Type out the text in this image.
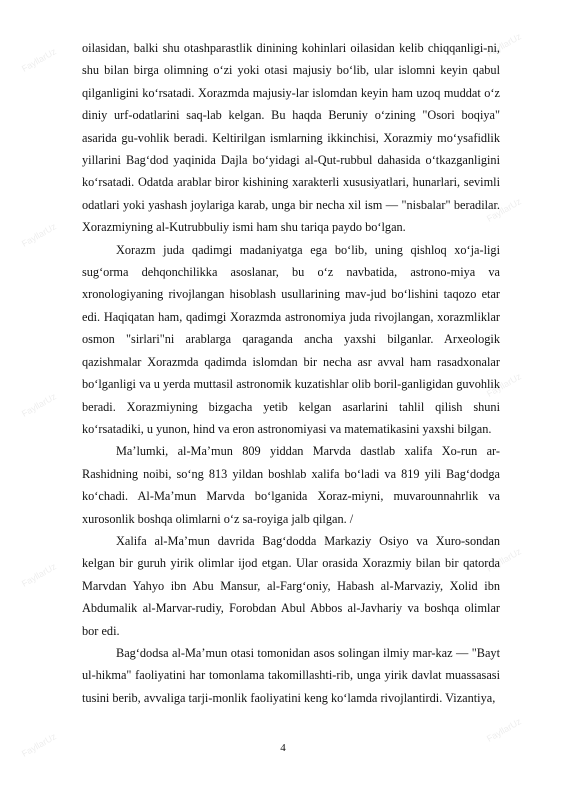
FayllarUz
FayllarUz
FayllarUz
FayllarUz
FayllarUz
FayllarUz
FayllarUz
FayllarUz
FayllarUz
FayllarUz

oilasidan, balki shu otashparastlik dinining kohinlari oilasidan kelib chiqqanligi-ni, shu bilan birga olimning o‘zi yoki otasi majusiy bo‘lib, ular islomni keyin qabul qilganligini ko‘rsatadi. Xorazmda majusiy-lar islomdan keyin ham uzoq muddat o‘z diniy urf-odatlarini saq-lab kelgan. Bu haqda Beruniy o‘zining "Osori boqiya" asarida gu-vohlik beradi. Keltirilgan ismlarning ikkinchisi, Xorazmiy mo‘ysafidlik yillarini Bag‘dod yaqinida Dajla bo‘yidagi al-Qut-rubbul dahasida o‘tkazganligini ko‘rsatadi. Odatda arablar biror kishining xarakterli xususiyatlari, hunarlari, sevimli odatlari yoki yashash joylariga karab, unga bir necha xil ism — "nisbalar" beradilar. Xorazmiyning al-Kutrubbuliy ismi ham shu tariqa paydo bo‘lgan.

Xorazm juda qadimgi madaniyatga ega bo‘lib, uning qishloq xo‘ja-ligi sug‘orma dehqonchilikka asoslanar, bu o‘z navbatida, astrono-miya va xronologiyaning rivojlangan hisoblash usullarining mav-jud bo‘lishini taqozo etar edi. Haqiqatan ham, qadimgi Xorazmda astronomiya juda rivojlangan, xorazmliklar osmon "sirlari"ni arablarga qaraganda ancha yaxshi bilganlar. Arxeologik qazishmalar Xorazmda qadimda islomdan bir necha asr avval ham rasadxonalar bo‘lganligi va u yerda muttasil astronomik kuzatishlar olib boril-ganligidan guvohlik beradi. Xorazmiyning bizgacha yetib kelgan asarlarini tahlil qilish shuni ko‘rsatadiki, u yunon, hind va eron astronomiyasi va matematikasini yaxshi bilgan.

Ma’lumki, al-Ma’mun 809 yiddan Marvda dastlab xalifa Xo-run ar-Rashidning noibi, so‘ng 813 yildan boshlab xalifa bo‘ladi va 819 yili Bag‘dodga ko‘chadi. Al-Ma’mun Marvda bo‘lganida Xoraz-miyni, muvarounnahrlik va xurosonlik boshqa olimlarni o‘z sa-royiga jalb qilgan. /

Xalifa al-Ma’mun davrida Bag‘dodda Markaziy Osiyo va Xuro-sondan kelgan bir guruh yirik olimlar ijod etgan. Ular orasida Xorazmiy bilan bir qatorda Marvdan Yahyo ibn Abu Mansur, al-Farg‘oniy, Habash al-Marvaziy, Xolid ibn Abdumalik al-Marvar-rudiy, Forobdan Abul Abbos al-Javhariy va boshqa olimlar bor edi.

Bag‘dodsa al-Ma’mun otasi tomonidan asos solingan ilmiy mar-kaz — "Bayt ul-hikma" faoliyatini har tomonlama takomillashti-rib, unga yirik davlat muassasasi tusini berib, avvaliga tarji-monlik faoliyatini keng ko‘lamda rivojlantirdi. Vizantiya,

4
